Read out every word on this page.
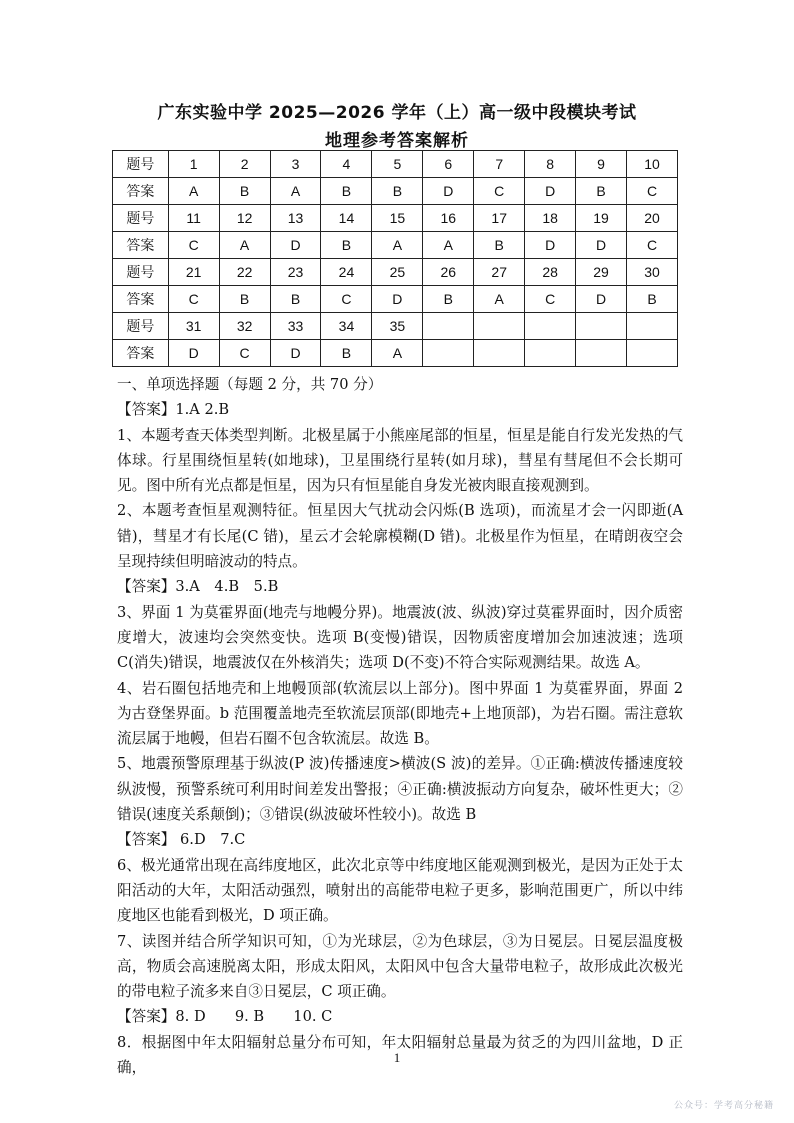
广东实验中学 2025—2026 学年（上）高一级中段模块考试
地理参考答案解析
题号	1	2	3	4	5	6	7	8	9	10
答案	A	B	A	B	B	D	C	D	B	C
题号	11	12	13	14	15	16	17	18	19	20
答案	C	A	D	B	A	A	B	D	D	C
题号	21	22	23	24	25	26	27	28	29	30
答案	C	B	B	C	D	B	A	C	D	B
题号	31	32	33	34	35					
答案	D	C	D	B	A					

一、单项选择题（每题 2 分，共 70 分）

【答案】1.A 2.B

1、本题考查天体类型判断。北极星属于小熊座尾部的恒星，恒星是能自行发光发热的气体球。行星围绕恒星转(如地球)，卫星围绕行星转(如月球)，彗星有彗尾但不会长期可见。图中所有光点都是恒星，因为只有恒星能自身发光被肉眼直接观测到。

2、本题考查恒星观测特征。恒星因大气扰动会闪烁(B 选项)，而流星才会一闪即逝(A 错)，彗星才有长尾(C 错)，星云才会轮廓模糊(D 错)。北极星作为恒星，在晴朗夜空会呈现持续但明暗波动的特点。

【答案】3.A　4.B　5.B

3、界面 1 为莫霍界面(地壳与地幔分界)。地震波(波、纵波)穿过莫霍界面时，因介质密度增大，波速均会突然变快。选项 B(变慢)错误，因物质密度增加会加速波速；选项 C(消失)错误，地震波仅在外核消失；选项 D(不变)不符合实际观测结果。故选 A。

4、岩石圈包括地壳和上地幔顶部(软流层以上部分)。图中界面 1 为莫霍界面，界面 2 为古登堡界面。b 范围覆盖地壳至软流层顶部(即地壳+上地顶部)，为岩石圈。需注意软流层属于地幔，但岩石圈不包含软流层。故选 B。

5、地震预警原理基于纵波(P 波)传播速度>横波(S 波)的差异。①正确:横波传播速度较纵波慢，预警系统可利用时间差发出警报；④正确:横波振动方向复杂，破坏性更大；②错误(速度关系颠倒)；③错误(纵波破坏性较小)。故选 B

【答案】 6.D　7.C

6、极光通常出现在高纬度地区，此次北京等中纬度地区能观测到极光，是因为正处于太阳活动的大年，太阳活动强烈，喷射出的高能带电粒子更多，影响范围更广，所以中纬度地区也能看到极光，D 项正确。

7、读图并结合所学知识可知，①为光球层，②为色球层，③为日冕层。日冕层温度极高，物质会高速脱离太阳，形成太阳风，太阳风中包含大量带电粒子，故形成此次极光的带电粒子流多来自③日冕层，C 项正确。

【答案】8. D　　9. B　　10. C

8．根据图中年太阳辐射总量分布可知，年太阳辐射总量最为贫乏的为四川盆地，D 正确，

1
公众号：学考高分秘籍
